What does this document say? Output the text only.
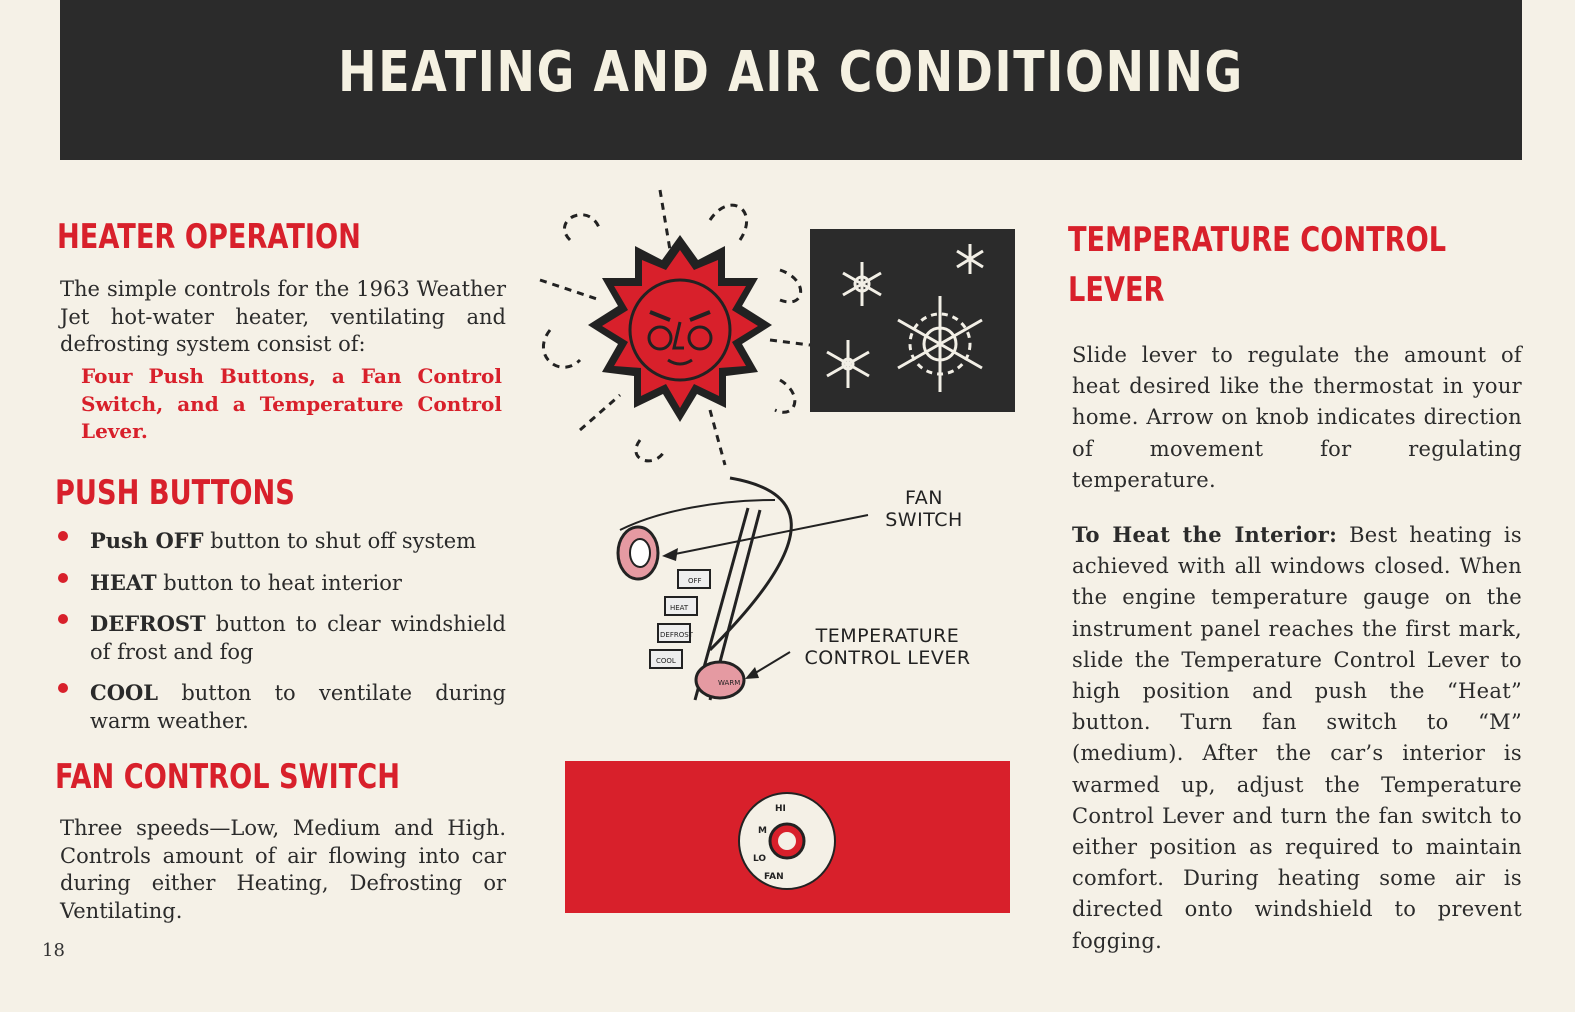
HEATING AND AIR CONDITIONING
HEATER OPERATION

The simple controls for the 1963 Weather Jet hot-water heater, ventilating and defrosting system consist of:

Four Push Buttons, a Fan Control Switch, and a Temperature Control Lever.

PUSH BUTTONS
Push OFF button to shut off system
HEAT button to heat interior
DEFROST button to clear windshield of frost and fog
COOL button to ventilate during warm weather.
FAN CONTROL SWITCH

Three speeds—Low, Medium and High. Controls amount of air flowing into car during either Heating, Defrosting or Ventilating.

18
OFF
HEAT
DEFROST
COOL
WARM
FAN
SWITCH
TEMPERATURE
CONTROL LEVER
HI
M
LO
FAN
TEMPERATURE CONTROL
LEVER

Slide lever to regulate the amount of heat desired like the thermostat in your home. Arrow on knob indicates direction of movement for regulating temperature.

To Heat the Interior: Best heating is achieved with all windows closed. When the engine temperature gauge on the instrument panel reaches the first mark, slide the Temperature Control Lever to high position and push the “Heat” button. Turn fan switch to “M” (medium). After the car’s interior is warmed up, adjust the Temperature Control Lever and turn the fan switch to either position as required to maintain comfort. During heating some air is directed onto windshield to prevent fogging.
